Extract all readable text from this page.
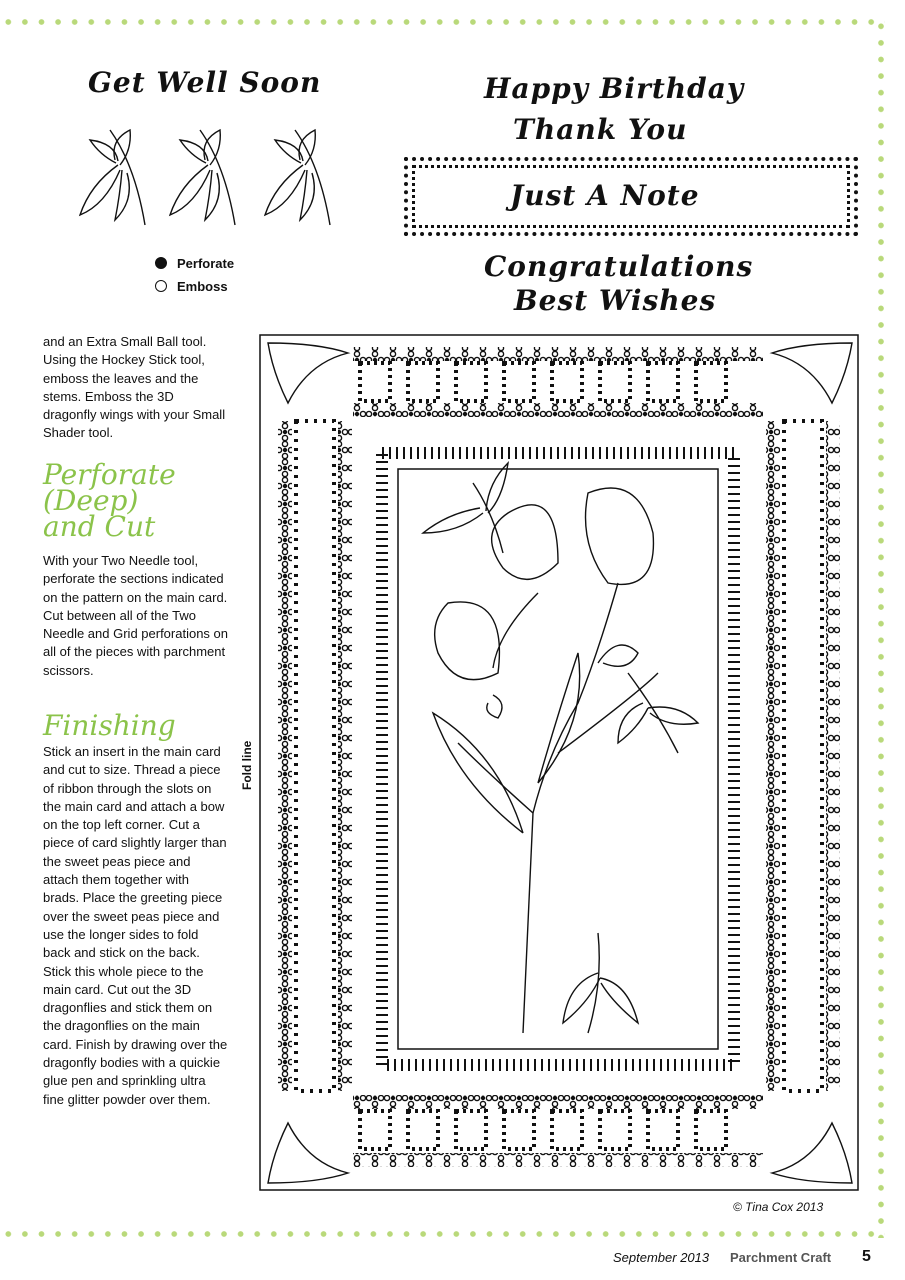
Get Well Soon	Happy Birthday
Thank You
Just A Note
Congratulations
Best Wishes
Perforate
Emboss
and an Extra Small Ball tool. Using the Hockey Stick tool, emboss the leaves and the stems. Emboss the 3D dragonfly wings with your Small Shader tool.
Perforate
(Deep)
and Cut
With your Two Needle tool, perforate the sections indicated on the pattern on the main card. Cut between all of the Two Needle and Grid perforations on all of the pieces with parchment scissors.
Finishing
Stick an insert in the main card and cut to size. Thread a piece of ribbon through the slots on the main card and attach a bow on the top left corner. Cut a piece of card slightly larger than the sweet peas piece and attach them together with brads. Place the greeting piece over the sweet peas piece and use the longer sides to fold back and stick on the back. Stick this whole piece to the main card. Cut out the 3D dragonflies and stick them on the dragonflies on the main card. Finish by drawing over the dragonfly bodies with a quickie glue pen and sprinkling ultra fine glitter powder over them.
Fold line
© Tina Cox 2013
September 2013 Parchment Craft 5
